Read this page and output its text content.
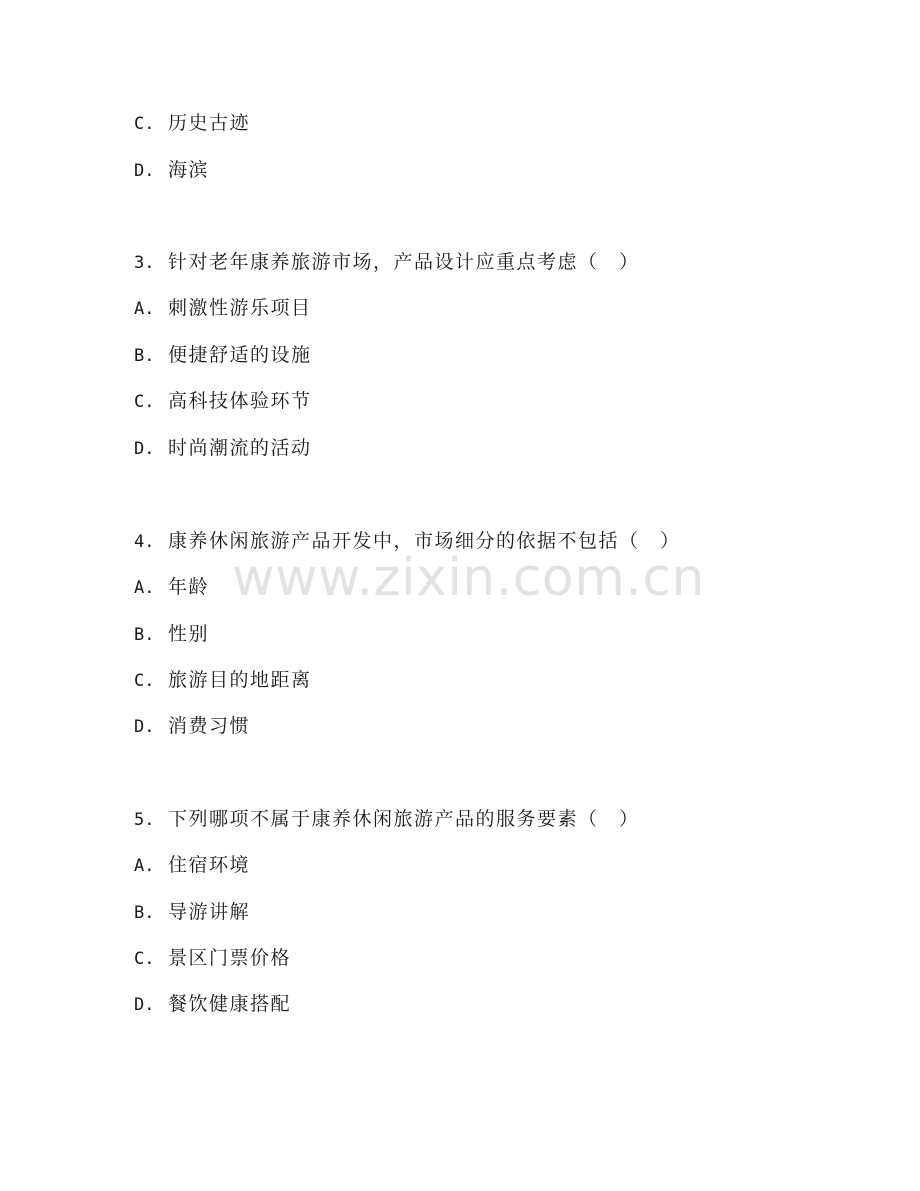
C. 历史古迹
D. 海滨
3. 针对老年康养旅游市场，产品设计应重点考虑（　）
A. 刺激性游乐项目
B. 便捷舒适的设施
C. 高科技体验环节
D. 时尚潮流的活动
4. 康养休闲旅游产品开发中，市场细分的依据不包括（　）
A. 年龄
B. 性别
C. 旅游目的地距离
D. 消费习惯
5. 下列哪项不属于康养休闲旅游产品的服务要素（　）
A. 住宿环境
B. 导游讲解
C. 景区门票价格
D. 餐饮健康搭配
www.zixin.com.cn
